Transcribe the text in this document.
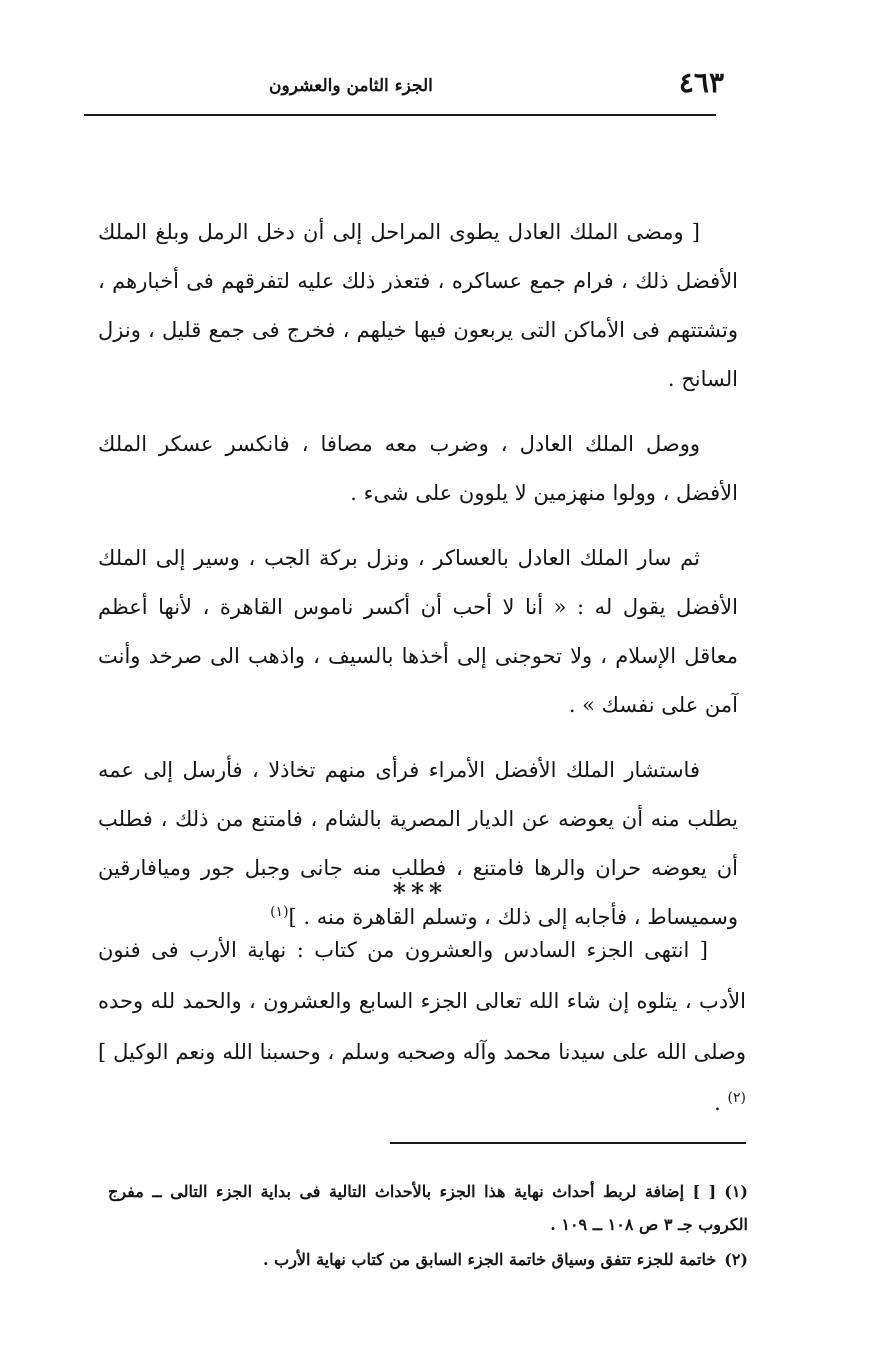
٤٦٣
الجزء الثامن والعشرون

[ ومضى الملك العادل يطوى المراحل إلى أن دخل الرمل وبلغ الملك الأفضل ذلك ، فرام جمع عساكره ، فتعذر ذلك عليه لتفرقهم فى أخبارهم ، وتشتتهم فى الأماكن التى يربعون فيها خيلهم ، فخرج فى جمع قليل ، ونزل السانح .

ووصل الملك العادل ، وضرب معه مصافا ، فانكسر عسكر الملك الأفضل ، وولوا منهزمين لا يلوون على شىء .

ثم سار الملك العادل بالعساكر ، ونزل بركة الجب ، وسير إلى الملك الأفضل يقول له : « أنا لا أحب أن أكسر ناموس القاهرة ، لأنها أعظم معاقل الإسلام ، ولا تحوجنى إلى أخذها بالسيف ، واذهب الى صرخد وأنت آمن على نفسك » .

فاستشار الملك الأفضل الأمراء فرأى منهم تخاذلا ، فأرسل إلى عمه يطلب منه أن يعوضه عن الديار المصرية بالشام ، فامتنع من ذلك ، فطلب أن يعوضه حران والرها فامتنع ، فطلب منه جانى وجبل جور وميافارقين وسميساط ، فأجابه إلى ذلك ، وتسلم القاهرة منه . ]$^{(١)}$

***
[ انتهى الجزء السادس والعشرون من كتاب : نهاية الأرب فى فنون الأدب ، يتلوه إن شاء الله تعالى الجزء السابع والعشرون ، والحمد لله وحده وصلى الله على سيدنا محمد وآله وصحبه وسلم ، وحسبنا الله ونعم الوكيل ]$^{(٢)}$ .
(١)[ ] إضافة لربط أحداث نهاية هذا الجزء بالأحداث التالية فى بداية الجزء التالى ــ مفرج الكروب جـ ٣ ص ١٠٨ ــ ١٠٩ .
(٢)خاتمة للجزء تتفق وسياق خاتمة الجزء السابق من كتاب نهاية الأرب .
